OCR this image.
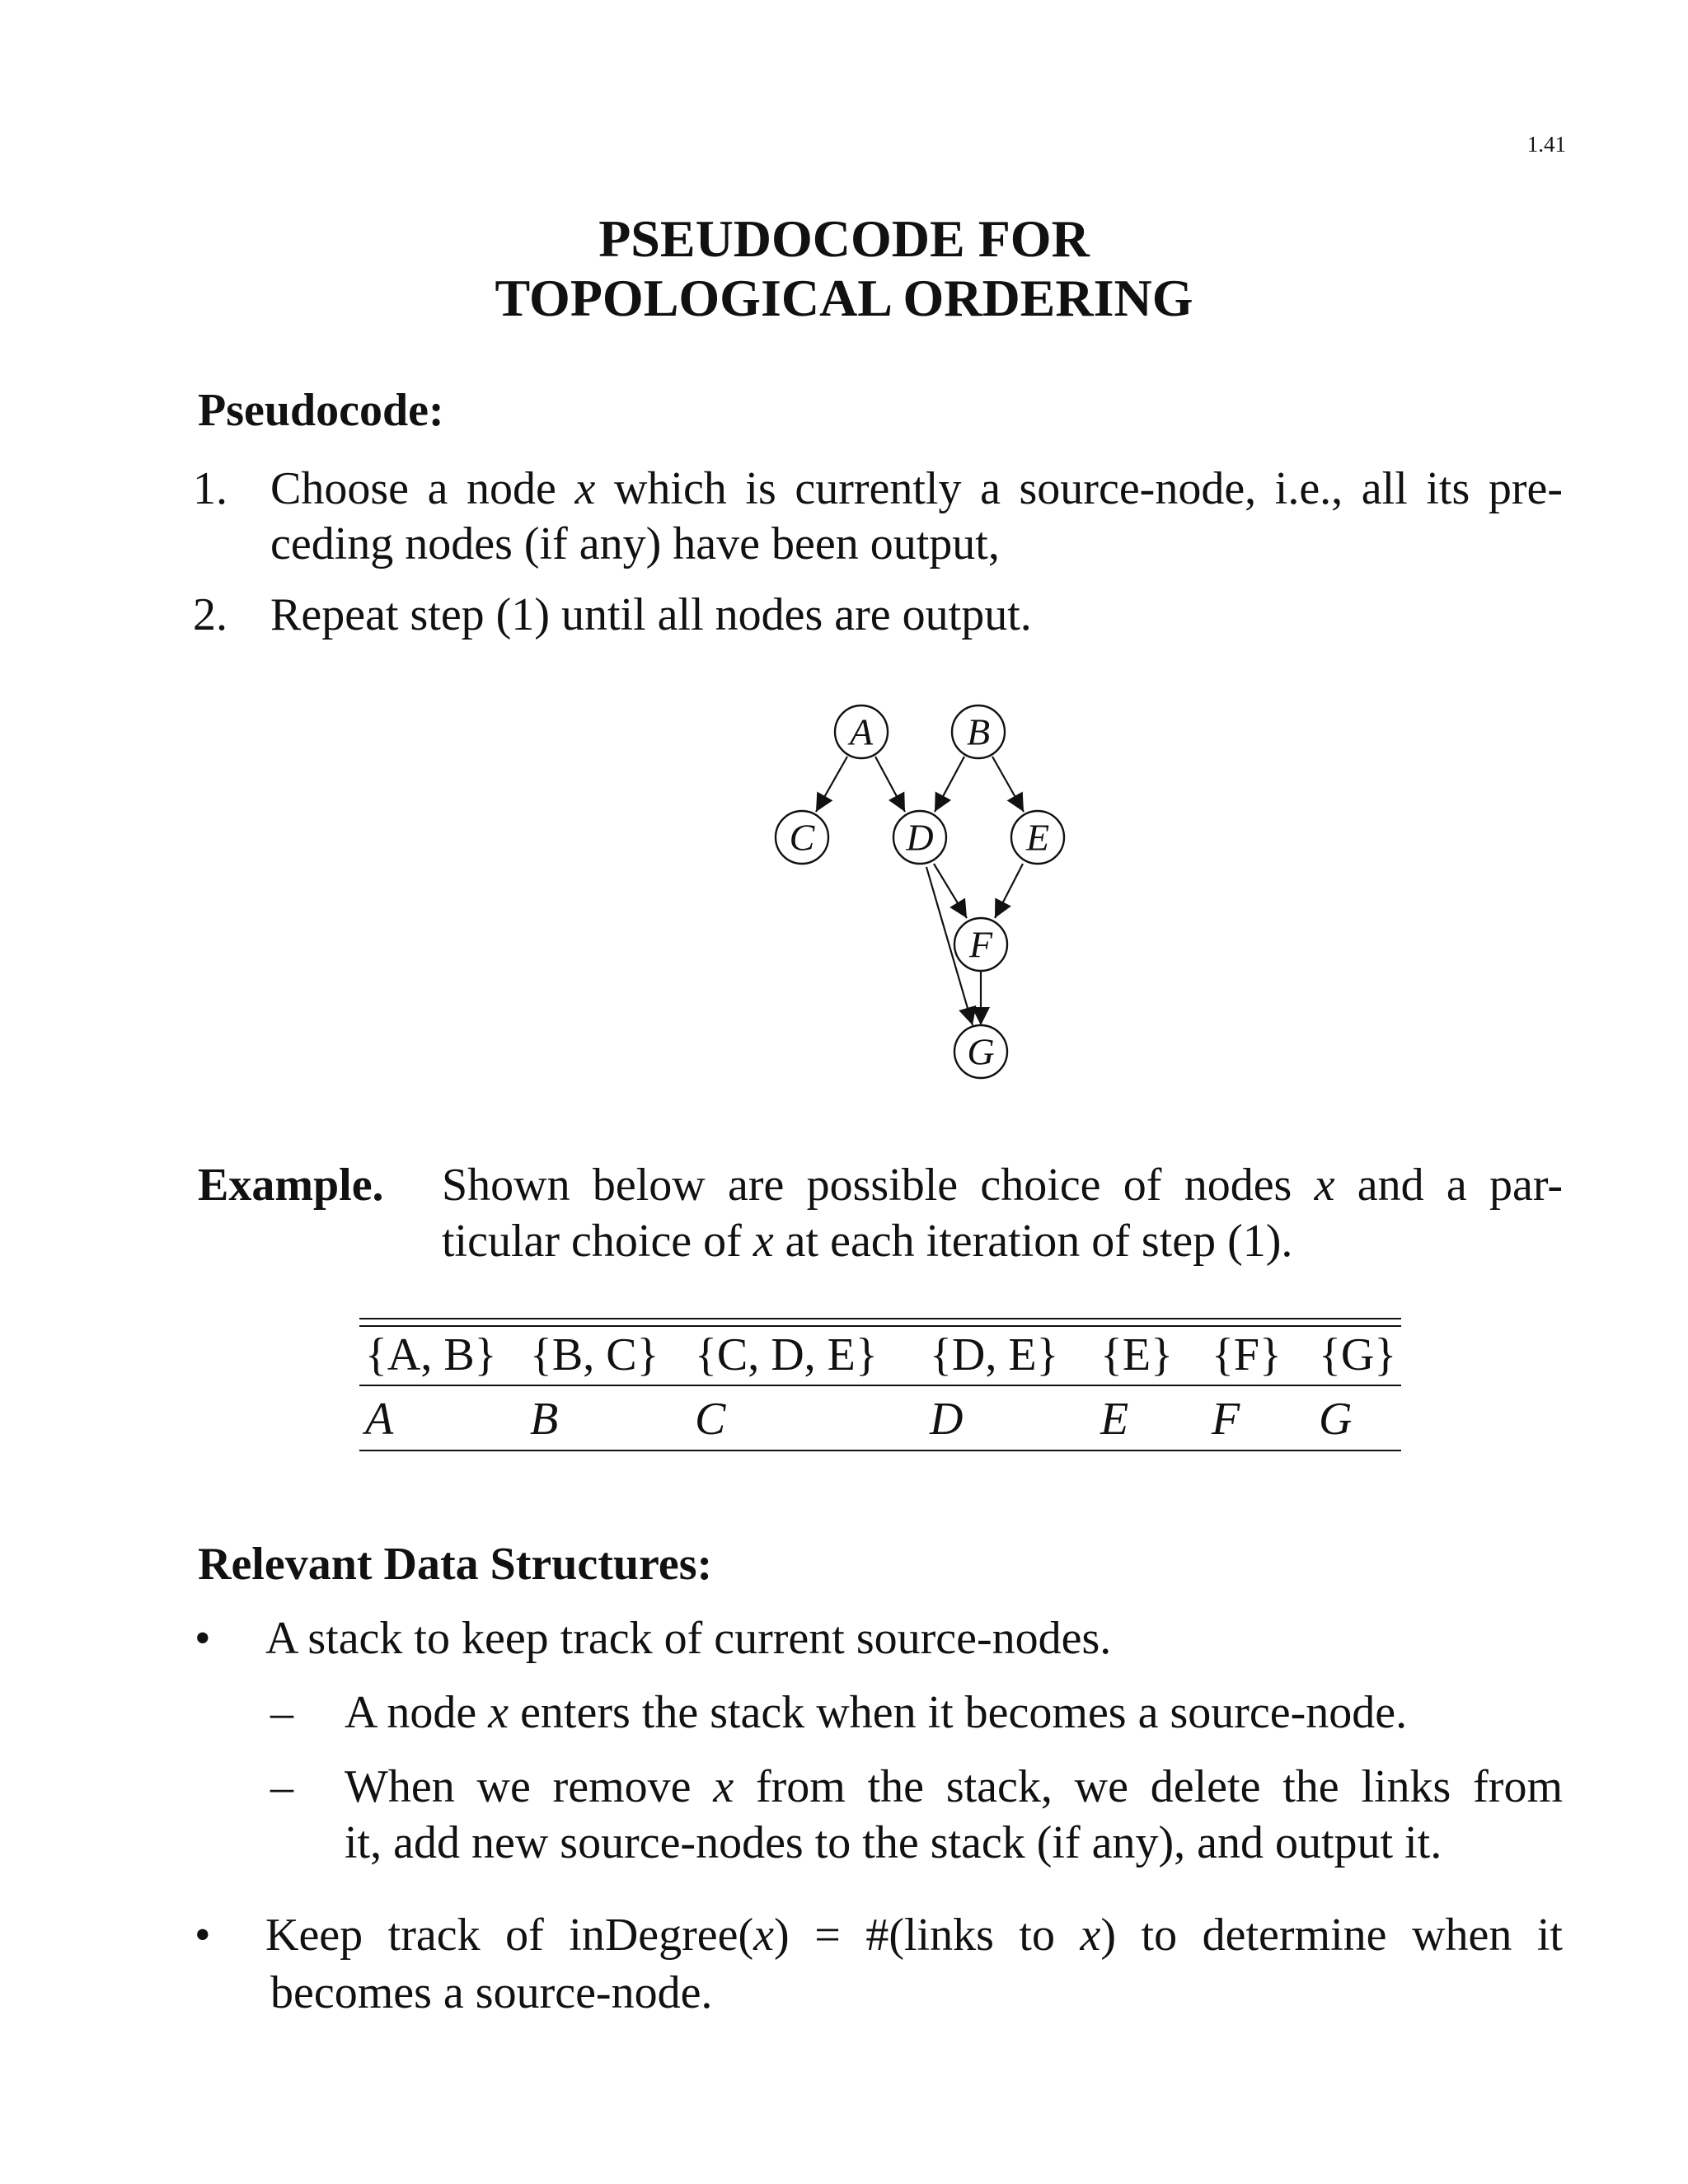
1.41
PSEUDOCODE FOR
TOPOLOGICAL ORDERING
Pseudocode:
1. Choose a node x which is currently a source-node, i.e., all its pre-
ceding nodes (if any) have been output,
2. Repeat step (1) until all nodes are output.
A B
C D E
F
G
{A, B} {B, C} {C, D, E} {D, E} {E} {F} {G}
A	B	C	D	E F G
Example. Shown below are possible choice of nodes x and a par-
ticular choice of x at each iteration of step (1).
Relevant Data Structures:
• A stack to keep track of current source-nodes.
– A node x enters the stack when it becomes a source-node.
– When we remove x from the stack, we delete the links from
it, add new source-nodes to the stack (if any), and output it.
• Keep track of inDegree(x) = #(links to x) to determine when it
becomes a source-node.
